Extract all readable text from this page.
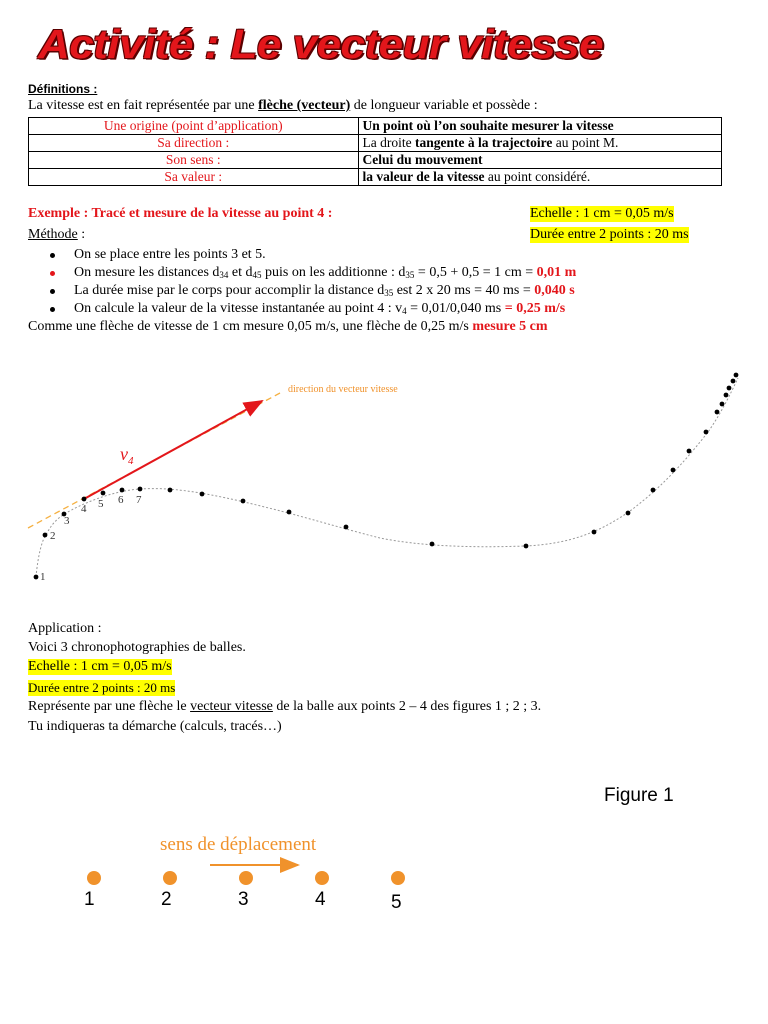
Activité : Le vecteur vitesse
Définitions :
La vitesse est en fait représentée par une flèche (vecteur) de longueur variable et possède :
Une origine (point d’application)	Un point où l’on souhaite mesurer la vitesse
Sa direction :	La droite tangente à la trajectoire au point M.
Son sens :	Celui du mouvement
Sa valeur :	la valeur de la vitesse au point considéré.
Exemple : Tracé et mesure de la vitesse au point 4 :	Echelle : 1 cm = 0,05 m/s
Durée entre 2 points : 20 ms
Méthode :
On se place entre les points 3 et 5.
On mesure les distances $d_{34}$ et $d_{45}$ puis on les additionne : $d_{35} = 0,5 + 0,5 = 1$ cm = 0,01 m
La durée mise par le corps pour accomplir la distance $d_{35}$ est 2 x 20 ms = 40 ms = 0,040 s
On calcule la valeur de la vitesse instantanée au point 4 : $v_4 = 0,01/0,040$ ms = 0,25 m/s
Comme une flèche de vitesse de 1 cm mesure 0,05 m/s, une flèche de 0,25 m/s mesure 5 cm
direction du vecteur vitesse
$v_4$
1
2
3
4 5 6 7
Application :
Voici 3 chronophotographies de balles.
Echelle : 1 cm = 0,05 m/s
Durée entre 2 points : 20 ms
Représente par une flèche le vecteur vitesse de la balle aux points 2 – 4 des figures 1 ; 2 ; 3.
Tu indiqueras ta démarche (calculs, tracés…)
Figure 1
sens de déplacement
1	2	3	4	5
